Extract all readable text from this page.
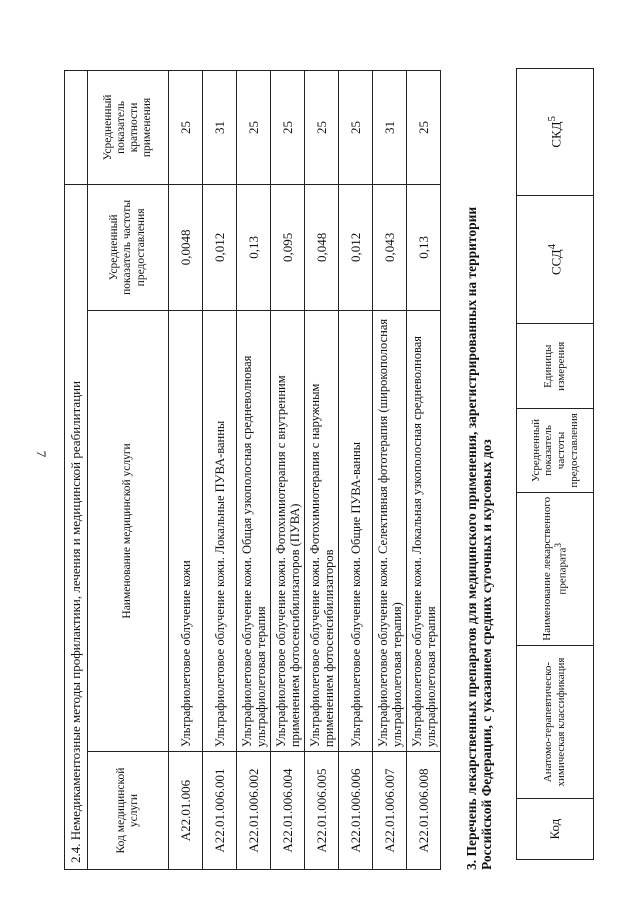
7 2.4. Немедикаментозные методы профилактики, лечения и медицинской реабилитации			
Код медицинской услуги	Наименование медицинской услуги	Усредненный показатель частоты предоставления	Усредненный показатель кратности применения
A22.01.006	Ультрафиолетовое облучение кожи	0,0048	25
A22.01.006.001	Ультрафиолетовое облучение кожи. Локальные ПУВА-ванны	0,012	31
A22.01.006.002	Ультрафиолетовое облучение кожи. Общая узкополосная средневолновая ультрафиолетовая терапия	0,13	25
A22.01.006.004	Ультрафиолетовое облучение кожи. Фотохимиотерапия с внутренним применением фотосенсибилизаторов (ПУВА)	0,095	25
A22.01.006.005	Ультрафиолетовое облучение кожи. Фотохимиотерапия с наружным применением фотосенсибилизаторов	0,048	25
A22.01.006.006	Ультрафиолетовое облучение кожи. Общие ПУВА-ванны	0,012	25
A22.01.006.007	Ультрафиолетовое облучение кожи. Селективная фототерапия (широкополосная ультрафиолетовая терапия)	0,043	31
A22.01.006.008	Ультрафиолетовое облучение кожи. Локальная узкополосная средневолновая ультрафиолетовая терапия	0,13	25
3. Перечень лекарственных препаратов для медицинского применения, зарегистрированных на территории Российской Федерации, с указанием средних суточных и курсовых доз	Код	Анатомо-терапевтическо-химическая классификация	Наименование лекарственного препарата$^3$	Усредненный показатель частоты предоставления	Единицы измерения	ССД$^4$	СКД$^5$
